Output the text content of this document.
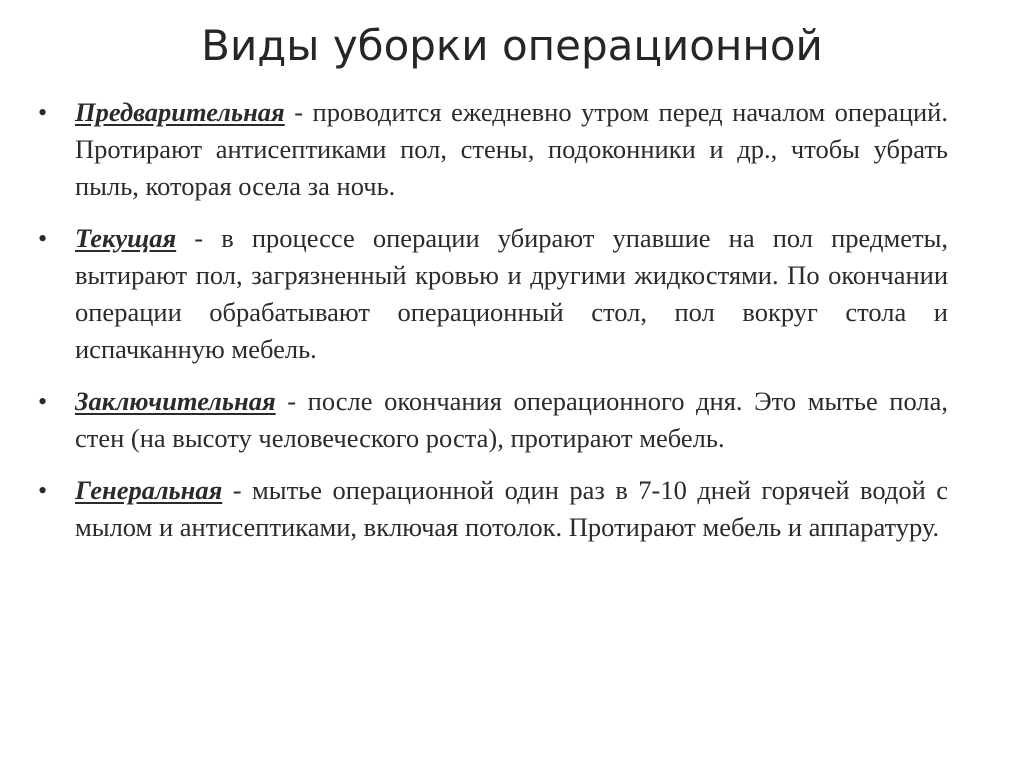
Виды уборки операционной
• Предварительная - проводится ежедневно утром перед началом операций. Протирают антисептиками пол, стены, подоконники и др., чтобы убрать пыль, которая осела за ночь.
• Текущая - в процессе операции убирают упавшие на пол предметы, вытирают пол, загрязненный кровью и другими жидкостями. По окончании операции обрабатывают операционный стол, пол вокруг стола и испачканную мебель.
• Заключительная - после окончания операционного дня. Это мытье пола, стен (на высоту человеческого роста), протирают мебель.
• Генеральная - мытье операционной один раз в 7-10 дней горячей водой с мылом и антисептиками, включая потолок. Протирают мебель и аппаратуру.
